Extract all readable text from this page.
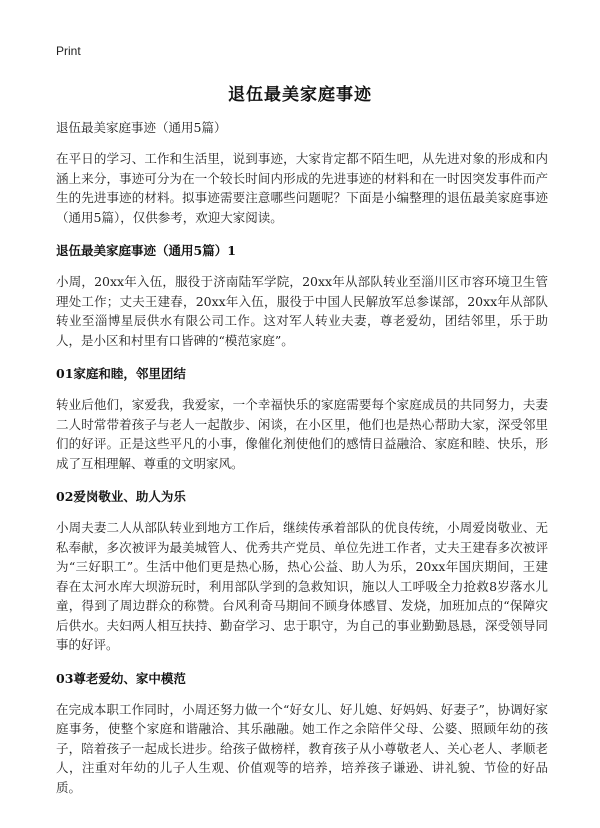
Print
退伍最美家庭事迹

退伍最美家庭事迹（通用5篇）

在平日的学习、工作和生活里，说到事迹，大家肯定都不陌生吧，从先进对象的形成和内涵上来分，事迹可分为在一个较长时间内形成的先进事迹的材料和在一时因突发事件而产生的先进事迹的材料。拟事迹需要注意哪些问题呢？下面是小编整理的退伍最美家庭事迹（通用5篇），仅供参考，欢迎大家阅读。

退伍最美家庭事迹（通用5篇）1

小周，20xx年入伍，服役于济南陆军学院，20xx年从部队转业至淄川区市容环境卫生管理处工作；丈夫王建春，20xx年入伍，服役于中国人民解放军总参谋部，20xx年从部队转业至淄博星辰供水有限公司工作。这对军人转业夫妻，尊老爱幼，团结邻里，乐于助人，是小区和村里有口皆碑的“模范家庭”。

01家庭和睦，邻里团结

转业后他们，家爱我，我爱家，一个幸福快乐的家庭需要每个家庭成员的共同努力，夫妻二人时常带着孩子与老人一起散步、闲谈，在小区里，他们也是热心帮助大家，深受邻里们的好评。正是这些平凡的小事，像催化剂使他们的感情日益融洽、家庭和睦、快乐，形成了互相理解、尊重的文明家风。

02爱岗敬业、助人为乐

小周夫妻二人从部队转业到地方工作后，继续传承着部队的优良传统，小周爱岗敬业、无私奉献，多次被评为最美城管人、优秀共产党员、单位先进工作者，丈夫王建春多次被评为“三好职工”。生活中他们更是热心肠，热心公益、助人为乐，20xx年国庆期间，王建春在太河水库大坝游玩时，利用部队学到的急救知识，施以人工呼吸全力抢救8岁落水儿童，得到了周边群众的称赞。台风利奇马期间不顾身体感冒、发烧，加班加点的“保障灾后供水。夫妇两人相互扶持、勤奋学习、忠于职守，为自己的事业勤勤恳恳，深受领导同事的好评。

03尊老爱幼、家中模范

在完成本职工作同时，小周还努力做一个“好女儿、好儿媳、好妈妈、好妻子”，协调好家庭事务，使整个家庭和谐融洽、其乐融融。她工作之余陪伴父母、公婆、照顾年幼的孩子，陪着孩子一起成长进步。给孩子做榜样，教育孩子从小尊敬老人、关心老人、孝顺老人，注重对年幼的儿子人生观、价值观等的培养，培养孩子谦逊、讲礼貌、节俭的好品质。
